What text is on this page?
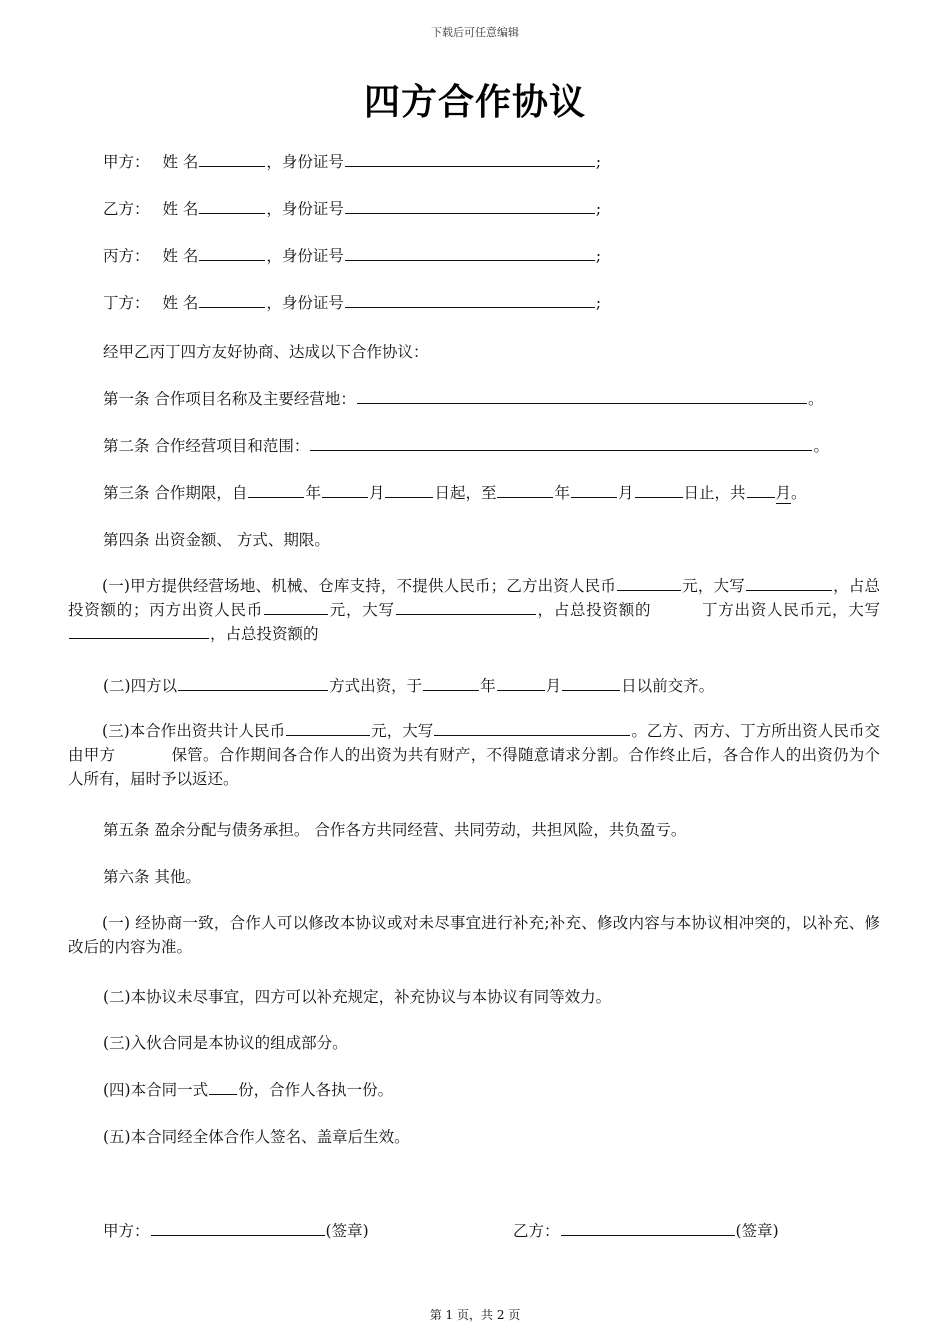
下载后可任意编辑
四方合作协议
甲方： 姓 名	，身份证号	;
乙方： 姓 名	，身份证号	;
丙方： 姓 名	，身份证号	;
丁方： 姓 名	，身份证号	;
经甲乙丙丁四方友好协商、达成以下合作协议：
第一条 合作项目名称及主要经营地：	。
第二条 合作经营项目和范围：	。
第三条 合作期限，自	年	月	日起，至	年	月	日止，共 月。
第四条 出资金额、 方式、期限。
(一)甲方提供经营场地、机械、仓库支持，不提供人民币；乙方出资人民币	元，大写	，占总投资额的；丙方出资人民币	元，大写	，占总投资额的	丁方出资人民币元，大写，占总投资额的
(二)四方以	方式出资，于	年	月	日以前交齐。
(三)本合作出资共计人民币	元，大写	。乙方、丙方、丁方所出资人民币交由甲方	保管。合作期间各合作人的出资为共有财产，不得随意请求分割。合作终止后，各合作人的出资仍为个人所有，届时予以返还。
第五条 盈余分配与债务承担。 合作各方共同经营、共同劳动，共担风险，共负盈亏。
第六条 其他。
(一) 经协商一致，合作人可以修改本协议或对未尽事宜进行补充;补充、修改内容与本协议相冲突的，以补充、修改后的内容为准。
(二)本协议未尽事宜，四方可以补充规定，补充协议与本协议有同等效力。
(三)入伙合同是本协议的组成部分。
(四)本合同一式 份，合作人各执一份。
(五)本合同经全体合作人签名、盖章后生效。
甲方：	(签章)	乙方：	(签章)
第 1 页，共 2 页
